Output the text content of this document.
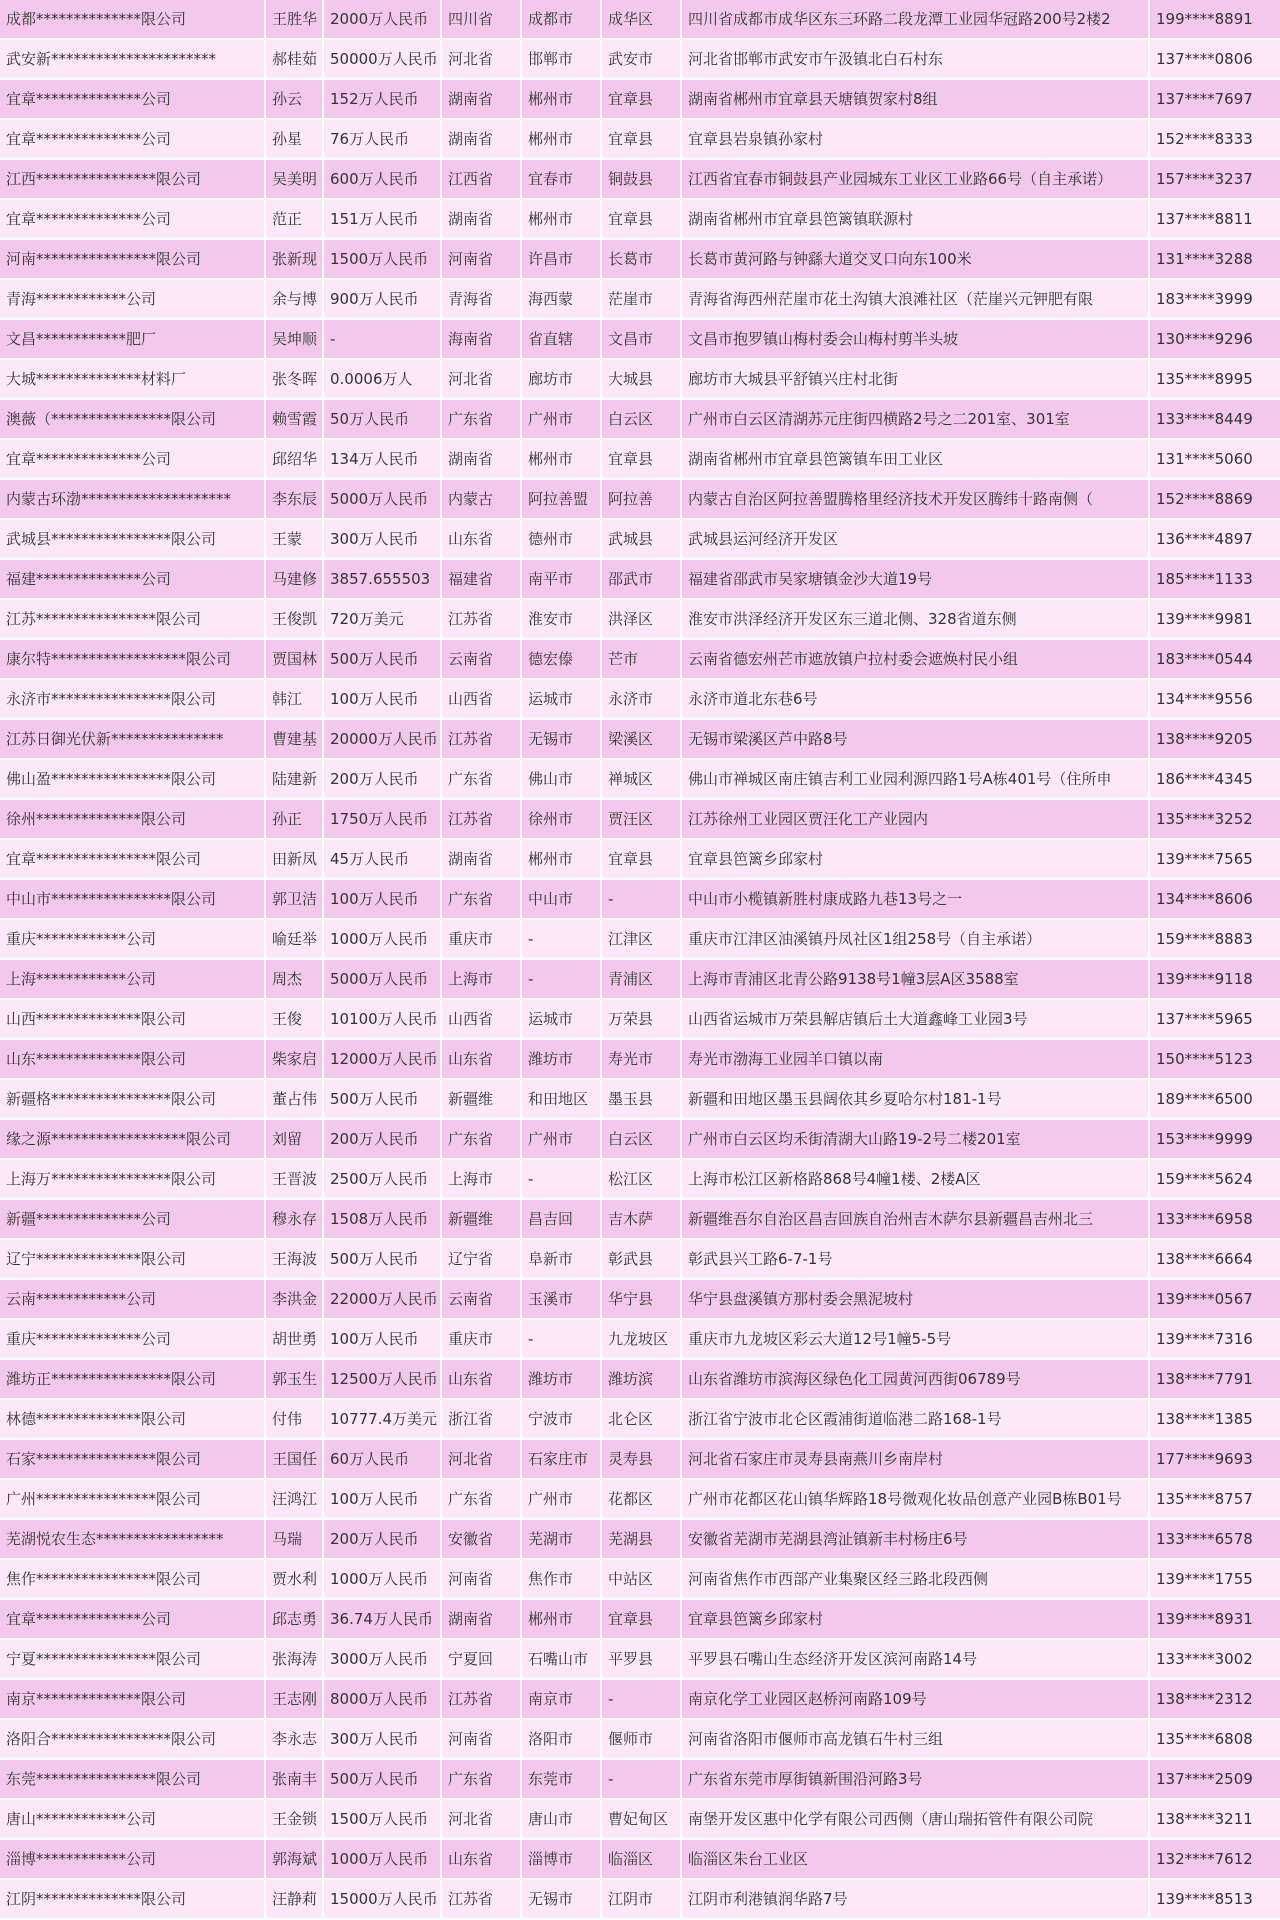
成都**************限公司	王胜华	2000万人民币	四川省	成都市	成华区	四川省成都市成华区东三环路二段龙潭工业园华冠路200号2楼2	199****8891
武安新**********************	郝桂茹	50000万人民币	河北省	邯郸市	武安市	河北省邯郸市武安市午汲镇北白石村东	137****0806
宜章**************公司	孙云	152万人民币	湖南省	郴州市	宜章县	湖南省郴州市宜章县天塘镇贺家村8组	137****7697
宜章**************公司	孙星	76万人民币	湖南省	郴州市	宜章县	宜章县岩泉镇孙家村	152****8333
江西****************限公司	吴美明	600万人民币	江西省	宜春市	铜鼓县	江西省宜春市铜鼓县产业园城东工业区工业路66号（自主承诺）	157****3237
宜章**************公司	范正	151万人民币	湖南省	郴州市	宜章县	湖南省郴州市宜章县笆篱镇联源村	137****8811
河南****************限公司	张新现	1500万人民币	河南省	许昌市	长葛市	长葛市黄河路与钟繇大道交叉口向东100米	131****3288
青海************公司	余与博	900万人民币	青海省	海西蒙	茫崖市	青海省海西州茫崖市花土沟镇大浪滩社区（茫崖兴元钾肥有限	183****3999
文昌************肥厂	吴坤顺	-	海南省	省直辖	文昌市	文昌市抱罗镇山梅村委会山梅村剪半头坡	130****9296
大城**************材料厂	张冬晖	0.0006万人	河北省	廊坊市	大城县	廊坊市大城县平舒镇兴庄村北街	135****8995
澳薇（****************限公司	赖雪霞	50万人民币	广东省	广州市	白云区	广州市白云区清湖苏元庄街四横路2号之二201室、301室	133****8449
宜章**************公司	邱绍华	134万人民币	湖南省	郴州市	宜章县	湖南省郴州市宜章县笆篱镇车田工业区	131****5060
内蒙古环渤********************	李东辰	5000万人民币	内蒙古	阿拉善盟	阿拉善	内蒙古自治区阿拉善盟腾格里经济技术开发区腾纬十路南侧（	152****8869
武城县****************限公司	王蒙	300万人民币	山东省	德州市	武城县	武城县运河经济开发区	136****4897
福建**************公司	马建修	3857.655503	福建省	南平市	邵武市	福建省邵武市吴家塘镇金沙大道19号	185****1133
江苏****************限公司	王俊凯	720万美元	江苏省	淮安市	洪泽区	淮安市洪泽经济开发区东三道北侧、328省道东侧	139****9981
康尔特******************限公司	贾国林	500万人民币	云南省	德宏傣	芒市	云南省德宏州芒市遮放镇户拉村委会遮焕村民小组	183****0544
永济市****************限公司	韩江	100万人民币	山西省	运城市	永济市	永济市道北东巷6号	134****9556
江苏日御光伏新***************	曹建基	20000万人民币	江苏省	无锡市	梁溪区	无锡市梁溪区芦中路8号	138****9205
佛山盈****************限公司	陆建新	200万人民币	广东省	佛山市	禅城区	佛山市禅城区南庄镇吉利工业园利源四路1号A栋401号（住所申	186****4345
徐州**************限公司	孙正	1750万人民币	江苏省	徐州市	贾汪区	江苏徐州工业园区贾汪化工产业园内	135****3252
宜章****************限公司	田新凤	45万人民币	湖南省	郴州市	宜章县	宜章县笆篱乡邱家村	139****7565
中山市****************限公司	郭卫洁	100万人民币	广东省	中山市	-	中山市小榄镇新胜村康成路九巷13号之一	134****8606
重庆************公司	喻廷举	1000万人民币	重庆市	-	江津区	重庆市江津区油溪镇丹凤社区1组258号（自主承诺）	159****8883
上海************公司	周杰	5000万人民币	上海市	-	青浦区	上海市青浦区北青公路9138号1幢3层A区3588室	139****9118
山西**************限公司	王俊	10100万人民币	山西省	运城市	万荣县	山西省运城市万荣县解店镇后土大道鑫峰工业园3号	137****5965
山东**************限公司	柴家启	12000万人民币	山东省	潍坊市	寿光市	寿光市渤海工业园羊口镇以南	150****5123
新疆格****************限公司	董占伟	500万人民币	新疆维	和田地区	墨玉县	新疆和田地区墨玉县阔依其乡夏哈尔村181-1号	189****6500
缘之源******************限公司	刘留	200万人民币	广东省	广州市	白云区	广州市白云区均禾街清湖大山路19-2号二楼201室	153****9999
上海万****************限公司	王晋波	2500万人民币	上海市	-	松江区	上海市松江区新格路868号4幢1楼、2楼A区	159****5624
新疆**************公司	穆永存	1508万人民币	新疆维	昌吉回	吉木萨	新疆维吾尔自治区昌吉回族自治州吉木萨尔县新疆昌吉州北三	133****6958
辽宁**************限公司	王海波	500万人民币	辽宁省	阜新市	彰武县	彰武县兴工路6-7-1号	138****6664
云南************公司	李洪金	22000万人民币	云南省	玉溪市	华宁县	华宁县盘溪镇方那村委会黑泥坡村	139****0567
重庆**************公司	胡世勇	100万人民币	重庆市	-	九龙坡区	重庆市九龙坡区彩云大道12号1幢5-5号	139****7316
潍坊正****************限公司	郭玉生	12500万人民币	山东省	潍坊市	潍坊滨	山东省潍坊市滨海区绿色化工园黄河西街06789号	138****7791
林德**************限公司	付伟	10777.4万美元	浙江省	宁波市	北仑区	浙江省宁波市北仑区霞浦街道临港二路168-1号	138****1385
石家****************限公司	王国任	60万人民币	河北省	石家庄市	灵寿县	河北省石家庄市灵寿县南燕川乡南岸村	177****9693
广州****************限公司	汪鸿江	100万人民币	广东省	广州市	花都区	广州市花都区花山镇华辉路18号微观化妆品创意产业园B栋B01号	135****8757
芜湖悦农生态*****************	马瑞	200万人民币	安徽省	芜湖市	芜湖县	安徽省芜湖市芜湖县湾沚镇新丰村杨庄6号	133****6578
焦作****************限公司	贾水利	1000万人民币	河南省	焦作市	中站区	河南省焦作市西部产业集聚区经三路北段西侧	139****1755
宜章**************公司	邱志勇	36.74万人民币	湖南省	郴州市	宜章县	宜章县笆篱乡邱家村	139****8931
宁夏****************限公司	张海涛	3000万人民币	宁夏回	石嘴山市	平罗县	平罗县石嘴山生态经济开发区滨河南路14号	133****3002
南京**************限公司	王志刚	8000万人民币	江苏省	南京市	-	南京化学工业园区赵桥河南路109号	138****2312
洛阳合****************限公司	李永志	300万人民币	河南省	洛阳市	偃师市	河南省洛阳市偃师市高龙镇石牛村三组	135****6808
东莞****************限公司	张南丰	500万人民币	广东省	东莞市	-	广东省东莞市厚街镇新围沿河路3号	137****2509
唐山************公司	王金锁	1500万人民币	河北省	唐山市	曹妃甸区	南堡开发区惠中化学有限公司西侧（唐山瑞拓管件有限公司院	138****3211
淄博************公司	郭海斌	1000万人民币	山东省	淄博市	临淄区	临淄区朱台工业区	132****7612
江阴**************限公司	汪静莉	15000万人民币	江苏省	无锡市	江阴市	江阴市利港镇润华路7号	139****8513
